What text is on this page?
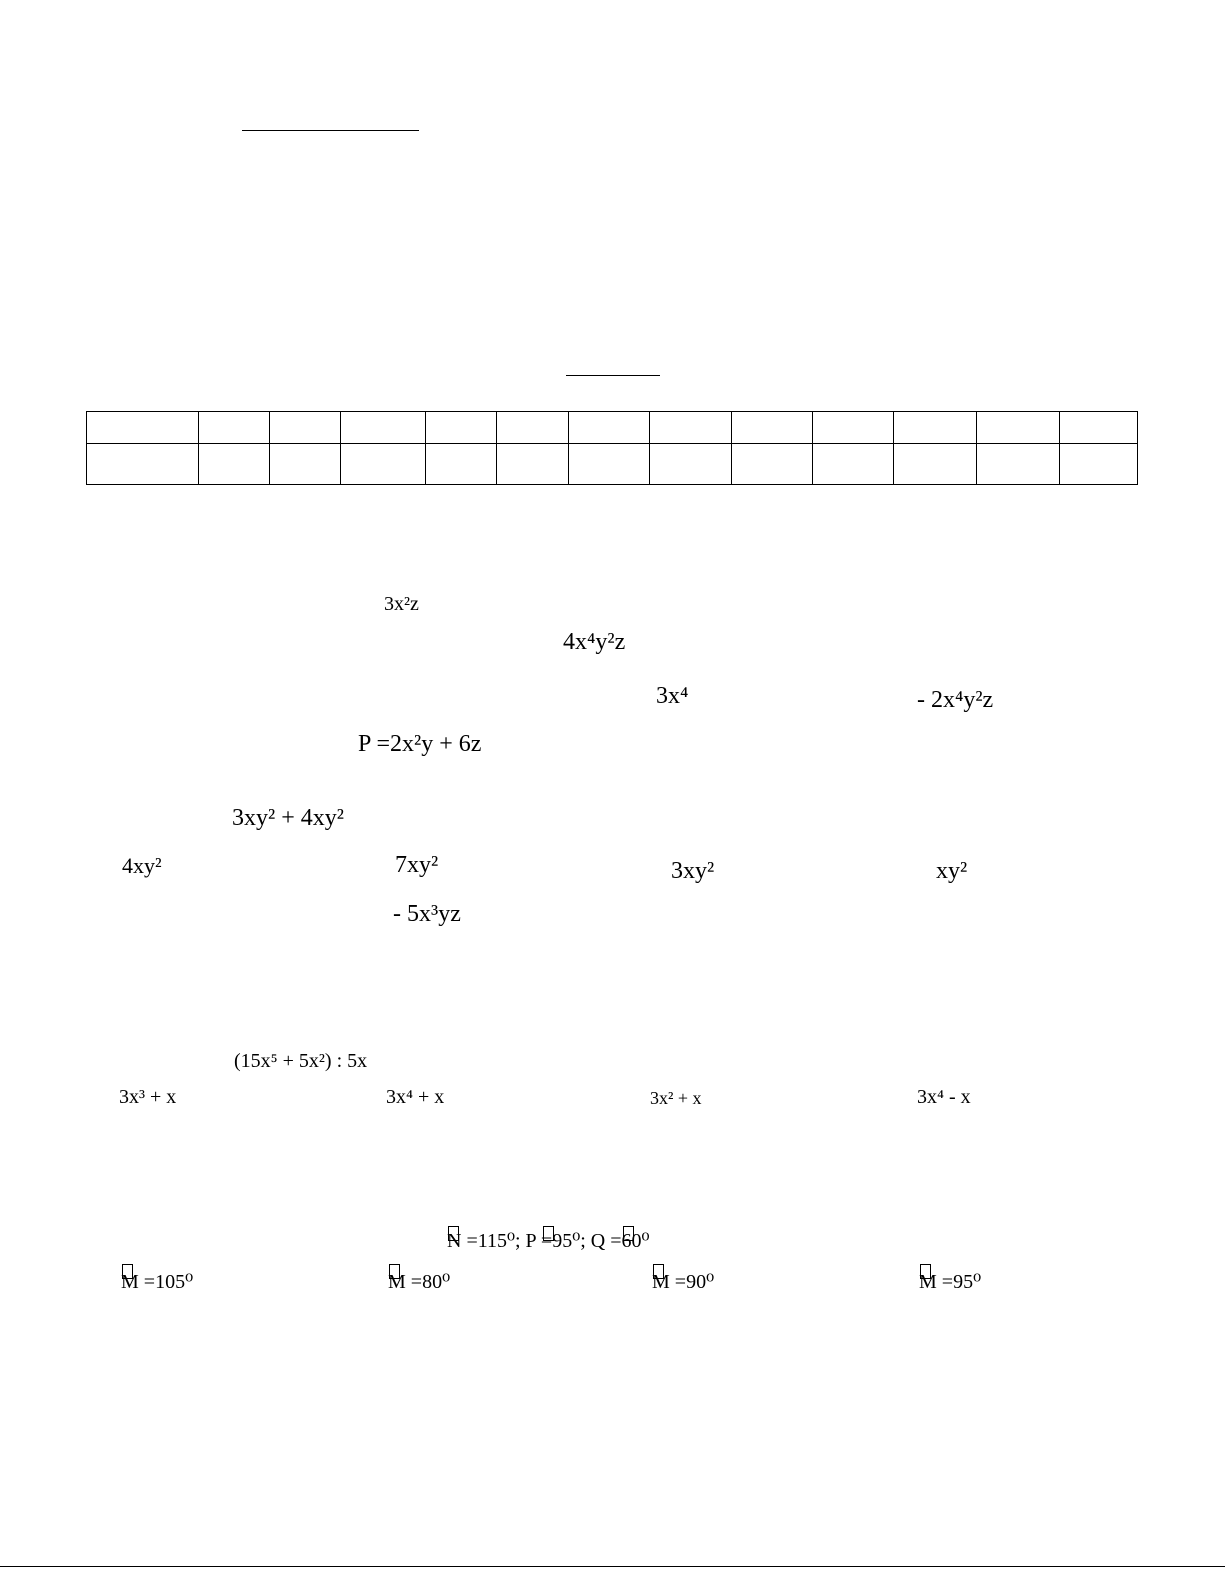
3x²z
4x⁴y²z
3x⁴	- 2x⁴y²z
P =2x²y + 6z
3xy² + 4xy²
4xy²	7xy²	3xy²	xy²
- 5x³yz
(15x⁵ + 5x²) : 5x
3x³ + x	3x⁴ + x	3x² + x	3x⁴ - x
N =115⁰; P =95⁰; Q =60⁰
M =105⁰	M =80⁰	M =90⁰	M =95⁰
